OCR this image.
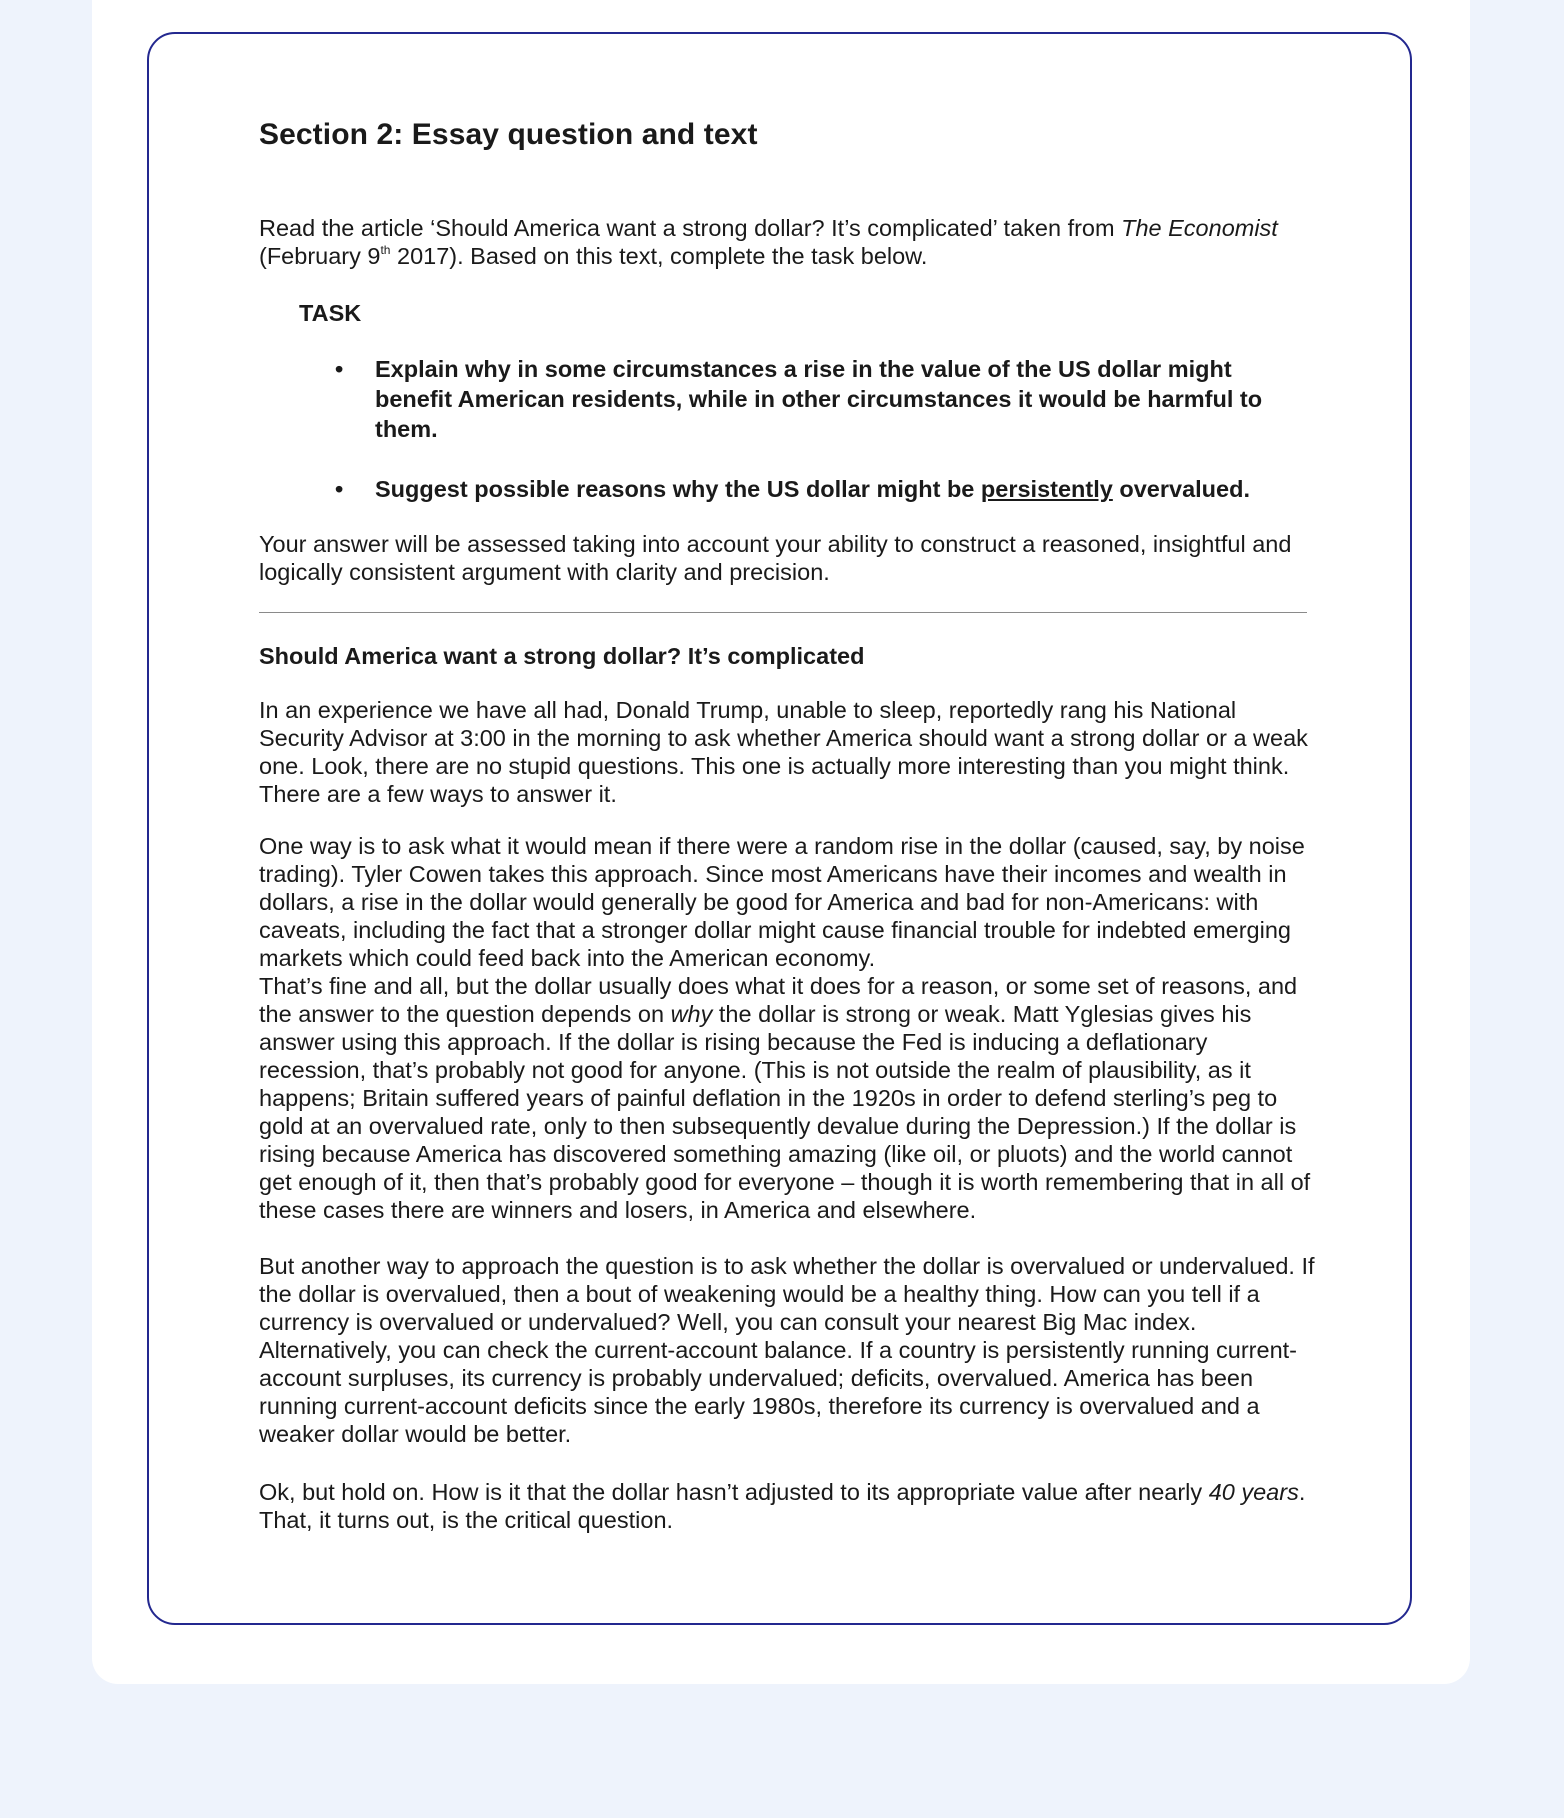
Section 2: Essay question and text

Read the article ‘Should America want a strong dollar? It’s complicated’ taken from The Economist (February 9th 2017). Based on this text, complete the task below.

TASK
•	Explain why in some circumstances a rise in the value of the US dollar might benefit American residents, while in other circumstances it would be harmful to them.
•	Suggest possible reasons why the US dollar might be persistently overvalued.

Your answer will be assessed taking into account your ability to construct a reasoned, insightful and logically consistent argument with clarity and precision.

Should America want a strong dollar? It’s complicated

In an experience we have all had, Donald Trump, unable to sleep, reportedly rang his National Security Advisor at 3:00 in the morning to ask whether America should want a strong dollar or a weak one. Look, there are no stupid questions. This one is actually more interesting than you might think. There are a few ways to answer it.

One way is to ask what it would mean if there were a random rise in the dollar (caused, say, by noise trading). Tyler Cowen takes this approach. Since most Americans have their incomes and wealth in dollars, a rise in the dollar would generally be good for America and bad for non-Americans: with caveats, including the fact that a stronger dollar might cause financial trouble for indebted emerging markets which could feed back into the American economy.

That’s fine and all, but the dollar usually does what it does for a reason, or some set of reasons, and the answer to the question depends on why the dollar is strong or weak. Matt Yglesias gives his answer using this approach. If the dollar is rising because the Fed is inducing a deflationary recession, that’s probably not good for anyone. (This is not outside the realm of plausibility, as it happens; Britain suffered years of painful deflation in the 1920s in order to defend sterling’s peg to gold at an overvalued rate, only to then subsequently devalue during the Depression.) If the dollar is rising because America has discovered something amazing (like oil, or pluots) and the world cannot get enough of it, then that’s probably good for everyone – though it is worth remembering that in all of these cases there are winners and losers, in America and elsewhere.

But another way to approach the question is to ask whether the dollar is overvalued or undervalued. If the dollar is overvalued, then a bout of weakening would be a healthy thing. How can you tell if a currency is overvalued or undervalued? Well, you can consult your nearest Big Mac index. Alternatively, you can check the current-account balance. If a country is persistently running current-account surpluses, its currency is probably undervalued; deficits, overvalued. America has been running current-account deficits since the early 1980s, therefore its currency is overvalued and a weaker dollar would be better.

Ok, but hold on. How is it that the dollar hasn’t adjusted to its appropriate value after nearly 40 years. That, it turns out, is the critical question.
